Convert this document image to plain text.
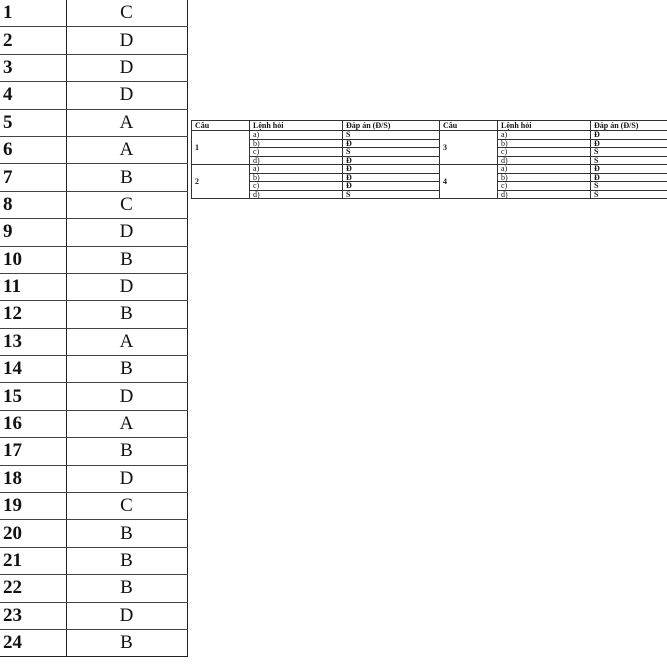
1	C
2	D
3	D
4	D
5	A
6	A
7	B
8	C
9	D
10	B
11	D
12	B
13	A
14	B
15	D
16	A
17	B
18	D
19	C
20	B
21	B
22	B
23	D
24	B
Câu	Lệnh hỏi	Đáp án (Đ/S)	Câu	Lệnh hỏi	Đáp án (Đ/S)
1	a)	S	3	a)	Đ
	b)	Đ		b)	Đ
	c)	S		c)	S
	d)	Đ		d)	S
2	a)	Đ	4	a)	Đ
	b)	Đ		b)	Đ
	c)	Đ		c)	S
	d)	S		d)	S
